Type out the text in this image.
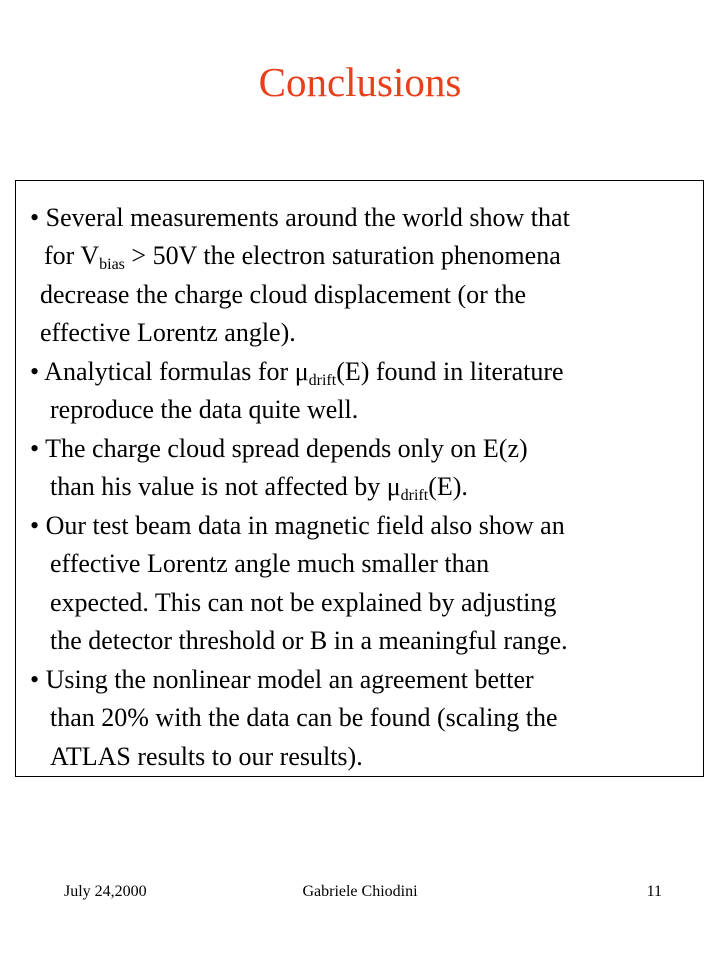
Conclusions
• Several measurements around the world show that
for $V_{bias} > 50V$ the electron saturation phenomena
decrease the charge cloud displacement (or the
effective Lorentz angle).
• Analytical formulas for $\mu_{drift}(E)$ found in literature
reproduce the data quite well.
• The charge cloud spread depends only on E(z)
than his value is not affected by $\mu_{drift}(E)$.
• Our test beam data in magnetic field also show an
effective Lorentz angle much smaller than
expected. This can not be explained by adjusting
the detector threshold or B in a meaningful range.
• Using the nonlinear model an agreement better
than 20% with the data can be found (scaling the
ATLAS results to our results).
July 24,2000	Gabriele Chiodini	11
